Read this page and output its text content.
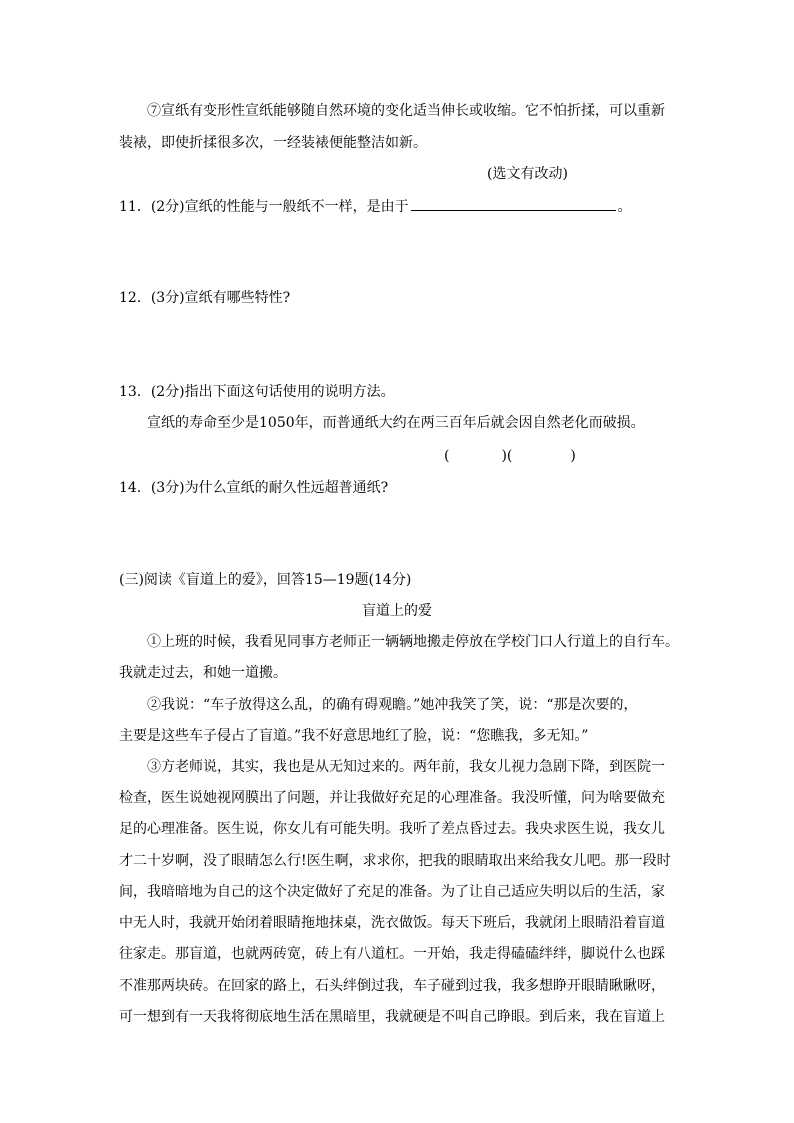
⑦宣纸有变形性宣纸能够随自然环境的变化适当伸长或收缩。它不怕折揉，可以重新
装裱，即使折揉很多次，一经装裱便能整洁如新。
(选文有改动)
11．(2分)宣纸的性能与一般纸不一样，是由于	。
12．(3分)宣纸有哪些特性?
13．(2分)指出下面这句话使用的说明方法。
宣纸的寿命至少是1050年，而普通纸大约在两三百年后就会因自然老化而破损。
(	)(	)
14．(3分)为什么宣纸的耐久性远超普通纸?
(三)阅读《盲道上的爱》，回答15—19题(14分)
盲道上的爱
①上班的时候，我看见同事方老师正一辆辆地搬走停放在学校门口人行道上的自行车。
我就走过去，和她一道搬。
②我说：“车子放得这么乱，的确有碍观瞻。”她冲我笑了笑，说：“那是次要的，
主要是这些车子侵占了盲道。”我不好意思地红了脸，说：“您瞧我，多无知。”
③方老师说，其实，我也是从无知过来的。两年前，我女儿视力急剧下降，到医院一
检查，医生说她视网膜出了问题，并让我做好充足的心理准备。我没听懂，问为啥要做充
足的心理准备。医生说，你女儿有可能失明。我听了差点昏过去。我央求医生说，我女儿
才二十岁啊，没了眼睛怎么行!医生啊，求求你，把我的眼睛取出来给我女儿吧。那一段时
间，我暗暗地为自己的这个决定做好了充足的准备。为了让自己适应失明以后的生活，家
中无人时，我就开始闭着眼睛拖地抹桌，洗衣做饭。每天下班后，我就闭上眼睛沿着盲道
往家走。那盲道，也就两砖宽，砖上有八道杠。一开始，我走得磕磕绊绊，脚说什么也踩
不准那两块砖。在回家的路上，石头绊倒过我，车子碰到过我，我多想睁开眼睛瞅瞅呀，
可一想到有一天我将彻底地生活在黑暗里，我就硬是不叫自己睁眼。到后来，我在盲道上
